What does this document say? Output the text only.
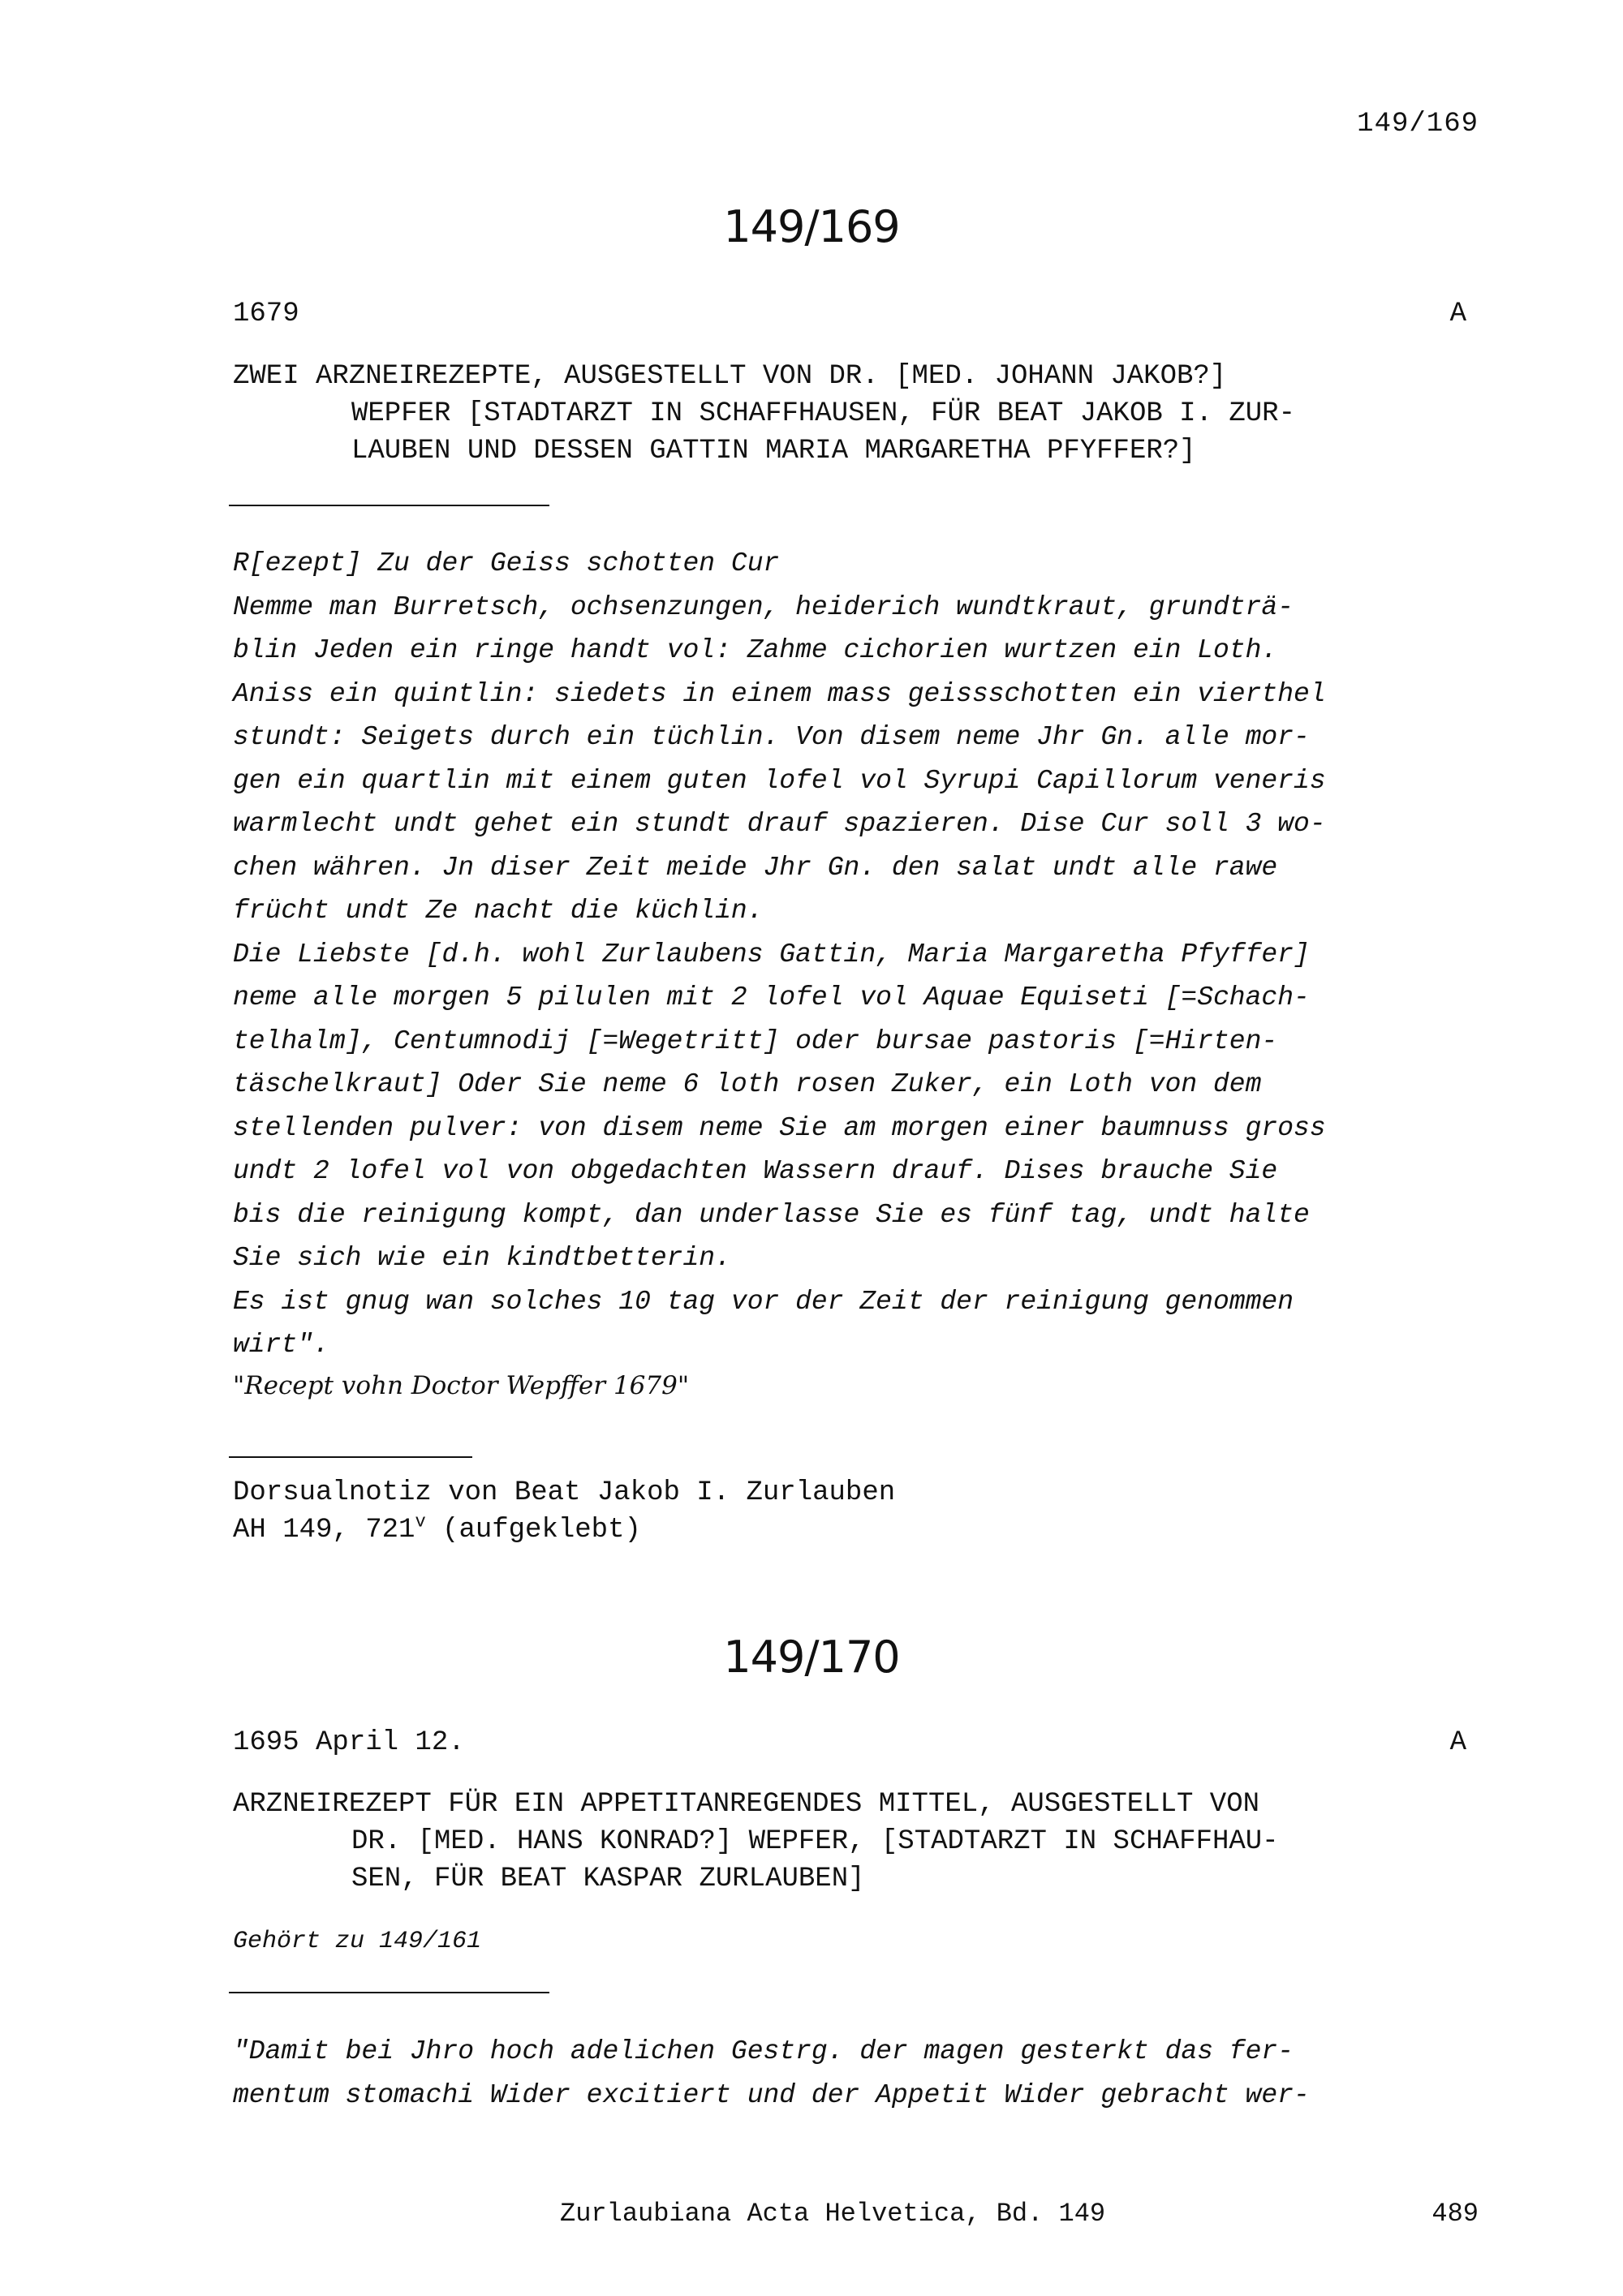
149/169
149/169
1679	A
ZWEI ARZNEIREZEPTE, AUSGESTELLT VON DR. [MED. JOHANN JAKOB?]
WEPFER [STADTARZT IN SCHAFFHAUSEN, FÜR BEAT JAKOB I. ZUR-
LAUBEN UND DESSEN GATTIN MARIA MARGARETHA PFYFFER?]
R[ezept] Zu der Geiss schotten Cur
Nemme man Burretsch, ochsenzungen, heiderich wundtkraut, grundträ-
blin Jeden ein ringe handt vol: Zahme cichorien wurtzen ein Loth.
Aniss ein quintlin: siedets in einem mass geissschotten ein vierthel
stundt: Seigets durch ein tüchlin. Von disem neme Jhr Gn. alle mor-
gen ein quartlin mit einem guten lofel vol Syrupi Capillorum veneris
warmlecht undt gehet ein stundt drauf spazieren. Dise Cur soll 3 wo-
chen währen. Jn diser Zeit meide Jhr Gn. den salat undt alle rawe
frücht undt Ze nacht die küchlin.
Die Liebste [d.h. wohl Zurlaubens Gattin, Maria Margaretha Pfyffer]
neme alle morgen 5 pilulen mit 2 lofel vol Aquae Equiseti [=Schach-
telhalm], Centumnodij [=Wegetritt] oder bursae pastoris [=Hirten-
täschelkraut] Oder Sie neme 6 loth rosen Zuker, ein Loth von dem
stellenden pulver: von disem neme Sie am morgen einer baumnuss gross
undt 2 lofel vol von obgedachten Wassern drauf. Dises brauche Sie
bis die reinigung kompt, dan underlasse Sie es fünf tag, undt halte
Sie sich wie ein kindtbetterin.
Es ist gnug wan solches 10 tag vor der Zeit der reinigung genommen
wirt".
"Recept vohn Doctor Wepffer 1679"
Dorsualnotiz von Beat Jakob I. Zurlauben
AH 149, 721$^v$ (aufgeklebt)
149/170
1695 April 12.	A
ARZNEIREZEPT FÜR EIN APPETITANREGENDES MITTEL, AUSGESTELLT VON
DR. [MED. HANS KONRAD?] WEPFER, [STADTARZT IN SCHAFFHAU-
SEN, FÜR BEAT KASPAR ZURLAUBEN]
Gehört zu 149/161
"Damit bei Jhro hoch adelichen Gestrg. der magen gesterkt das fer-
mentum stomachi Wider excitiert und der Appetit Wider gebracht wer-
Zurlaubiana Acta Helvetica, Bd. 149	489
